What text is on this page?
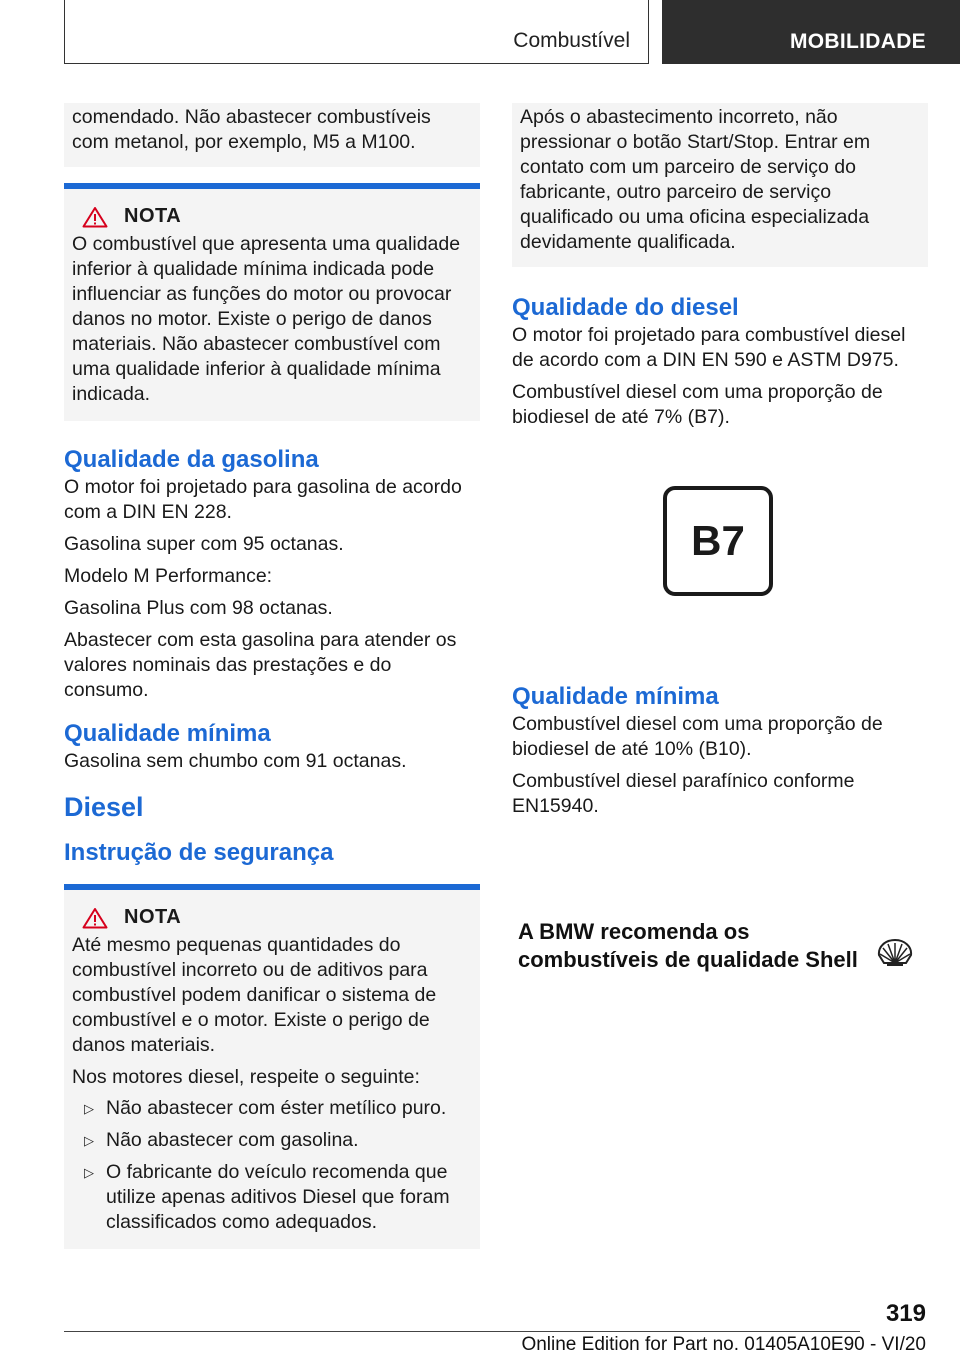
Combustível	MOBILIDADE

comendado. Não abastecer combustíveis com metanol, por exemplo, M5 a M100.

NOTA

O combustível que apresenta uma qualidade inferior à qualidade mínima indicada pode influenciar as funções do motor ou provocar danos no motor. Existe o perigo de danos materiais. Não abastecer combustível com uma qualidade inferior à qualidade mínima indicada.

Qualidade da gasolina

O motor foi projetado para gasolina de acordo com a DIN EN 228.

Gasolina super com 95 octanas.

Modelo M Performance:

Gasolina Plus com 98 octanas.

Abastecer com esta gasolina para atender os valores nominais das prestações e do consumo.

Qualidade mínima

Gasolina sem chumbo com 91 octanas.

Diesel
Instrução de segurança
NOTA

Até mesmo pequenas quantidades do combustível incorreto ou de aditivos para combustível podem danificar o sistema de combustível e o motor. Existe o perigo de danos materiais.

Nos motores diesel, respeite o seguinte:

▷ Não abastecer com éster metílico puro.
▷ Não abastecer com gasolina.
▷ O fabricante do veículo recomenda que utilize apenas aditivos Diesel que foram classificados como adequados.

Após o abastecimento incorreto, não pressionar o botão Start/Stop. Entrar em contato com um parceiro de serviço do fabricante, outro parceiro de serviço qualificado ou uma oficina especializada devidamente qualificada.

Qualidade do diesel

O motor foi projetado para combustível diesel de acordo com a DIN EN 590 e ASTM D975.

Combustível diesel com uma proporção de biodiesel de até 7% (B7).

B7
Qualidade mínima

Combustível diesel com uma proporção de biodiesel de até 10% (B10).

Combustível diesel parafínico conforme EN15940.

A BMW recomenda os
combustíveis de qualidade Shell
319
Online Edition for Part no. 01405A10E90 - VI/20
